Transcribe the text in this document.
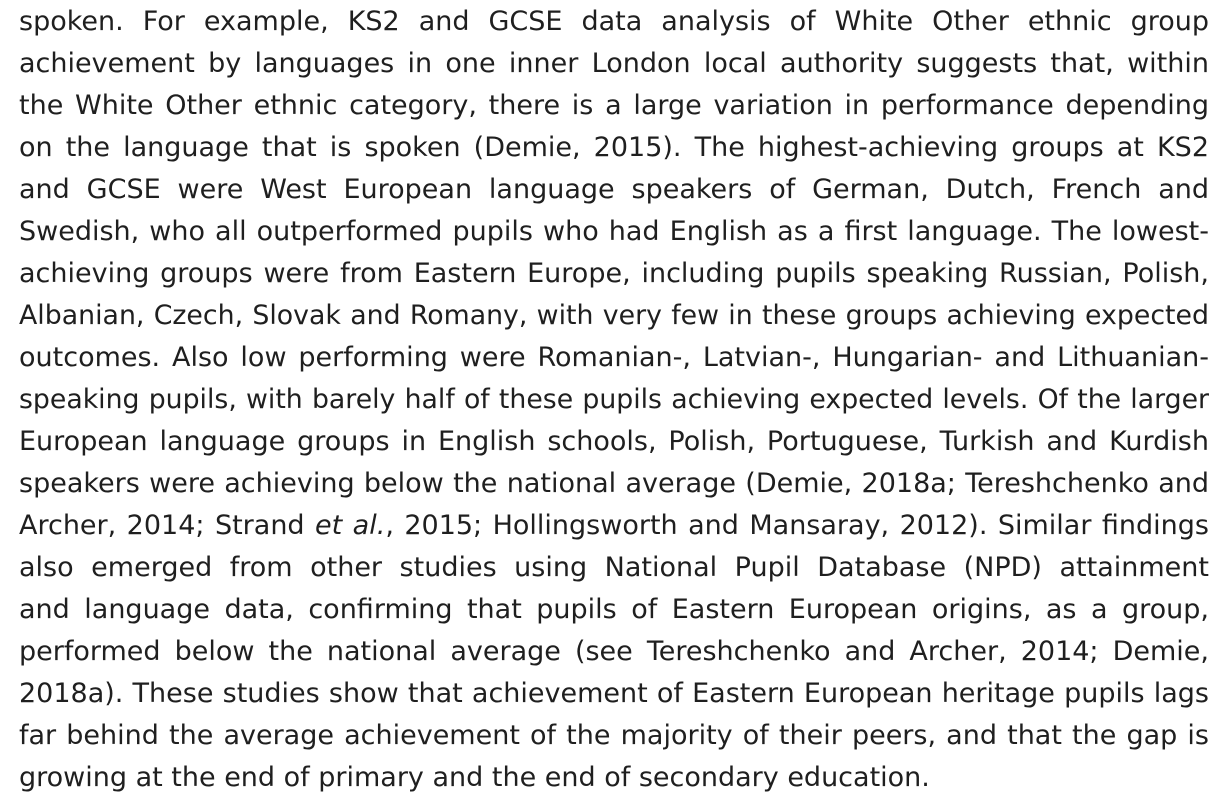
spoken. For example, KS2 and GCSE data analysis of White Other ethnic group
achievement by languages in one inner London local authority suggests that, within
the White Other ethnic category, there is a large variation in performance depending
on the language that is spoken (Demie, 2015). The highest-achieving groups at KS2
and GCSE were West European language speakers of German, Dutch, French and
Swedish, who all outperformed pupils who had English as a first language. The lowest-
achieving groups were from Eastern Europe, including pupils speaking Russian, Polish,
Albanian, Czech, Slovak and Romany, with very few in these groups achieving expected
outcomes. Also low performing were Romanian-, Latvian-, Hungarian- and Lithuanian-
speaking pupils, with barely half of these pupils achieving expected levels. Of the larger
European language groups in English schools, Polish, Portuguese, Turkish and Kurdish
speakers were achieving below the national average (Demie, 2018a; Tereshchenko and
Archer, 2014; Strand et al., 2015; Hollingsworth and Mansaray, 2012). Similar findings
also emerged from other studies using National Pupil Database (NPD) attainment
and language data, confirming that pupils of Eastern European origins, as a group,
performed below the national average (see Tereshchenko and Archer, 2014; Demie,
2018a). These studies show that achievement of Eastern European heritage pupils lags
far behind the average achievement of the majority of their peers, and that the gap is
growing at the end of primary and the end of secondary education.
